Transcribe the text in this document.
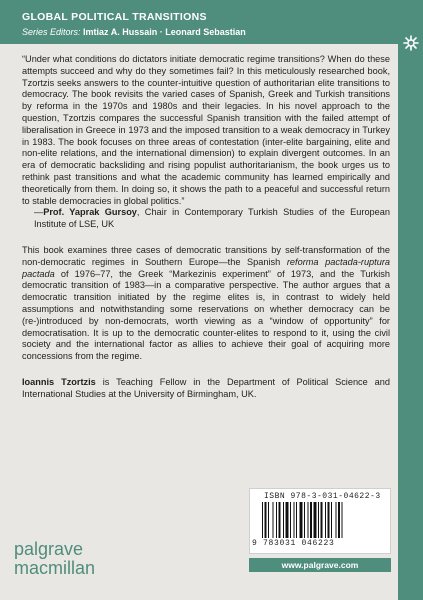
GLOBAL POLITICAL TRANSITIONS
Series Editors: Imtiaz A. Hussain · Leonard Sebastian

“Under what conditions do dictators initiate democratic regime transitions? When do these attempts succeed and why do they sometimes fail? In this meticulously researched book, Tzortzis seeks answers to the counter-intuitive question of authoritarian elite transitions to democracy. The book revisits the varied cases of Spanish, Greek and Turkish transitions by reforma in the 1970s and 1980s and their legacies. In his novel approach to the question, Tzortzis compares the successful Spanish transition with the failed attempt of liberalisation in Greece in 1973 and the imposed transition to a weak democracy in Turkey in 1983. The book focuses on three areas of contestation (inter-elite bargaining, elite and non-elite relations, and the international dimension) to explain divergent outcomes. In an era of democratic backsliding and rising populist authoritarianism, the book urges us to rethink past transitions and what the academic community has learned empirically and theoretically from them. In doing so, it shows the path to a peaceful and successful return to stable democracies in global politics.”

—Prof. Yaprak Gursoy, Chair in Contemporary Turkish Studies of the European Institute of LSE, UK

This book examines three cases of democratic transitions by self-transformation of the non-democratic regimes in Southern Europe—the Spanish reforma pactada-ruptura pactada of 1976–77, the Greek “Markezinis experiment” of 1973, and the Turkish democratic transition of 1983—in a comparative perspective. The author argues that a democratic transition initiated by the regime elites is, in contrast to widely held assumptions and notwithstanding some reservations on whether democracy can be (re-)introduced by non-democrats, worth viewing as a “window of opportunity” for democratisation. It is up to the democratic counter-elites to respond to it, using the civil society and the international factor as allies to achieve their goal of acquiring more concessions from the regime.

Ioannis Tzortzis is Teaching Fellow in the Department of Political Science and International Studies at the University of Birmingham, UK.

palgrave
macmillan
ISBN 978-3-031-04622-3
9 783031 046223
www.palgrave.com
